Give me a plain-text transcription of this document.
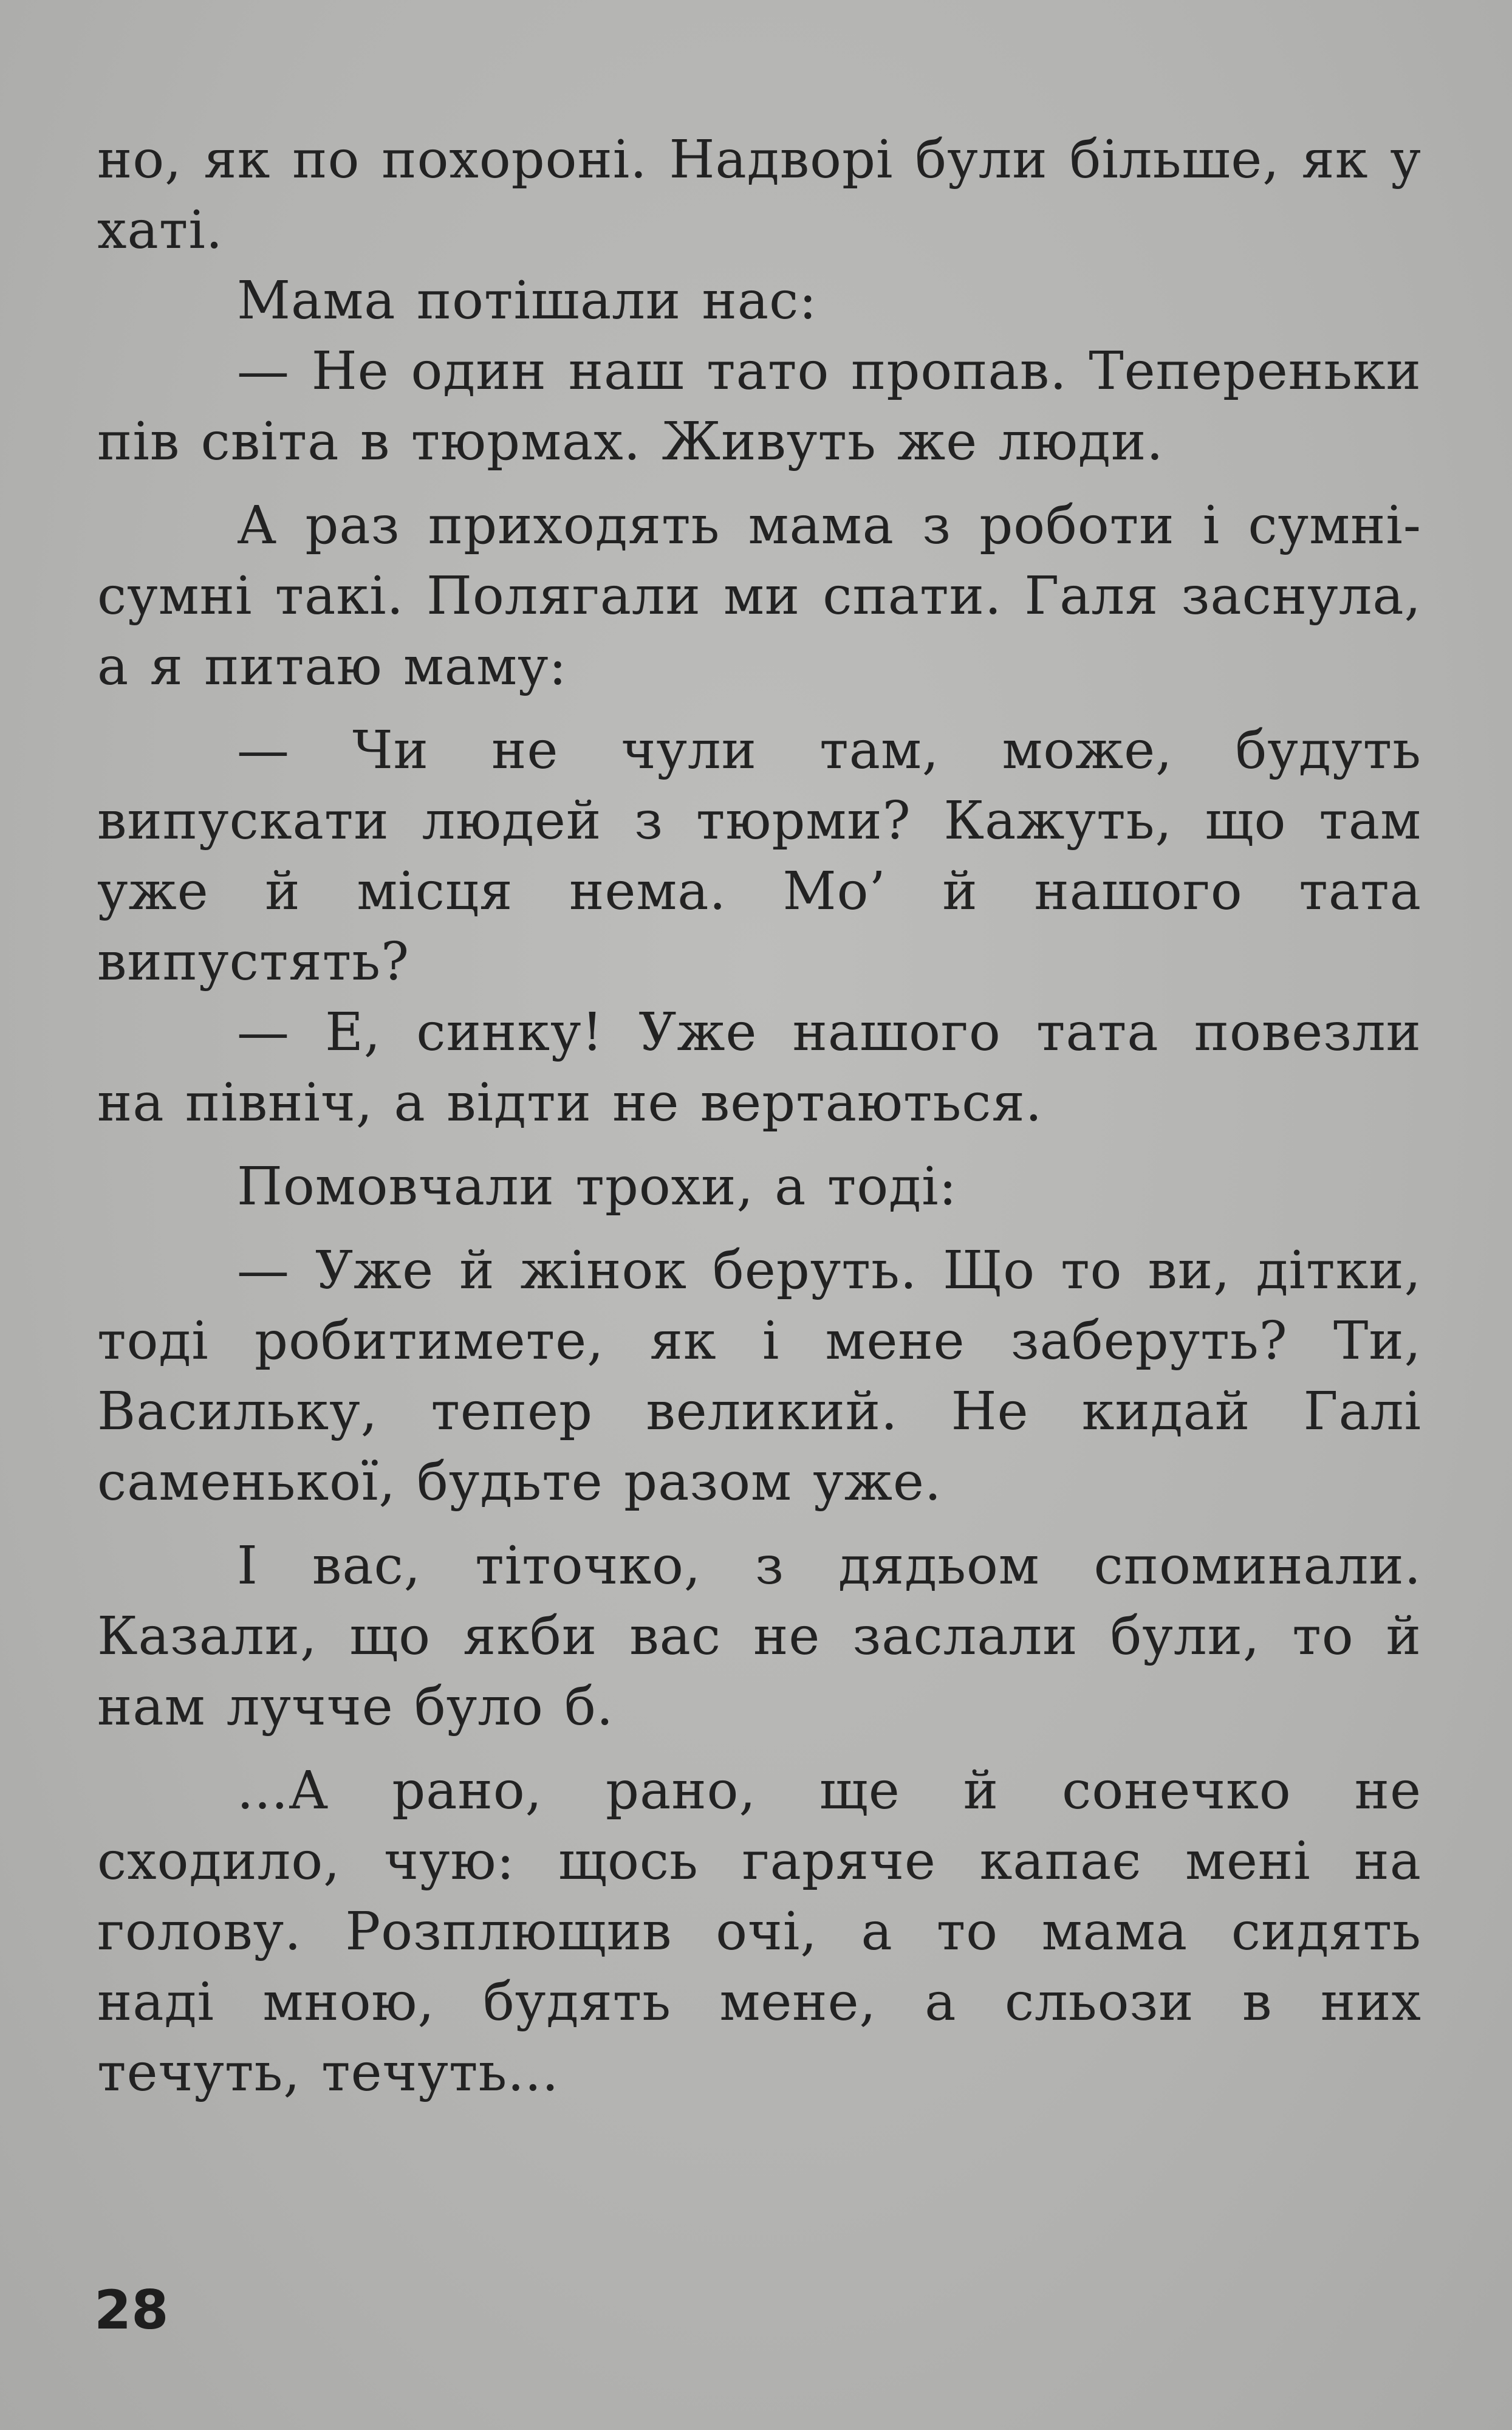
но, як по похороні. Надворі були більше, як у хаті.

Мама потішали нас:

— Не один наш тато пропав. Тепереньки пів світа в тюрмах. Живуть же люди.

А раз приходять мама з роботи і сумні-сумні такі. Полягали ми спати. Галя заснула, а я питаю маму:

— Чи не чули там, може, будуть випускати людей з тюрми? Кажуть, що там уже й місця нема. Мо’ й нашого тата випустять?

— Е, синку! Уже нашого тата повезли на північ, а відти не вертаються.

Помовчали трохи, а тоді:

— Уже й жінок беруть. Що то ви, дітки, тоді робитимете, як і мене заберуть? Ти, Васильку, тепер великий. Не кидай Галі саменької, будьте разом уже.

І вас, тіточко, з дядьом споминали. Казали, що якби вас не заслали були, то й нам лучче було б.

...А рано, рано, ще й сонечко не сходило, чую: щось гаряче капає мені на голову. Розплющив очі, а то мама сидять наді мною, будять мене, а сльози в них течуть, течуть...

28
